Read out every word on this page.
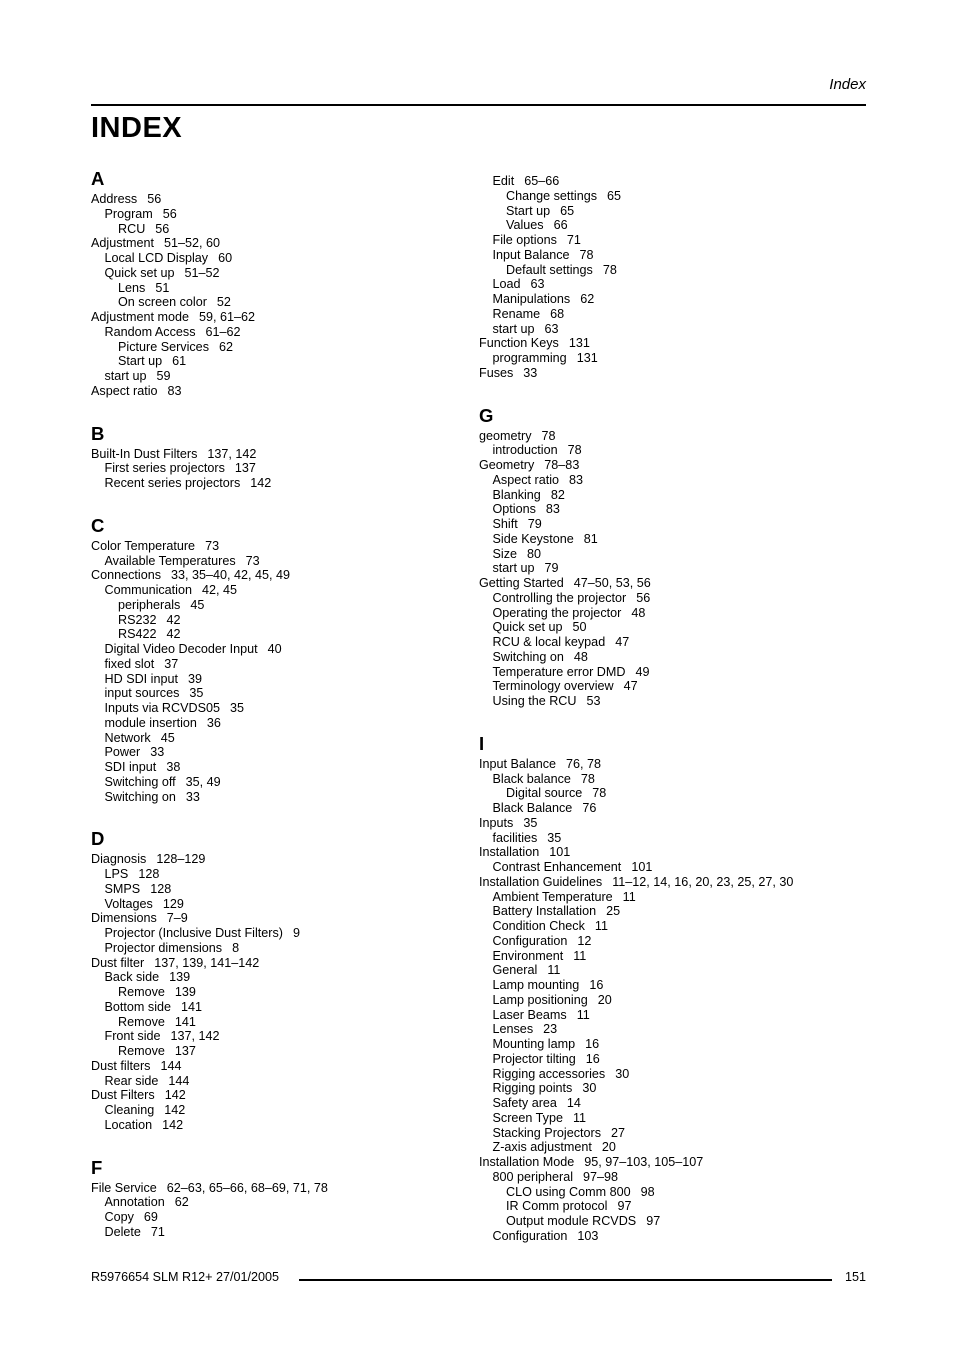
Index
INDEX
A
Address 56
Program 56
RCU 56
Adjustment 51–52, 60
Local LCD Display 60
Quick set up 51–52
Lens 51
On screen color 52
Adjustment mode 59, 61–62
Random Access 61–62
Picture Services 62
Start up 61
start up 59
Aspect ratio 83
B
Built-In Dust Filters 137, 142
First series projectors 137
Recent series projectors 142
C
Color Temperature 73
Available Temperatures 73
Connections 33, 35–40, 42, 45, 49
Communication 42, 45
peripherals 45
RS232 42
RS422 42
Digital Video Decoder Input 40
fixed slot 37
HD SDI input 39
input sources 35
Inputs via RCVDS05 35
module insertion 36
Network 45
Power 33
SDI input 38
Switching off 35, 49
Switching on 33
D
Diagnosis 128–129
LPS 128
SMPS 128
Voltages 129
Dimensions 7–9
Projector (Inclusive Dust Filters) 9
Projector dimensions 8
Dust filter 137, 139, 141–142
Back side 139
Remove 139
Bottom side 141
Remove 141
Front side 137, 142
Remove 137
Dust filters 144
Rear side 144
Dust Filters 142
Cleaning 142
Location 142
F
File Service 62–63, 65–66, 68–69, 71, 78
Annotation 62
Copy 69
Delete 71
Edit 65–66
Change settings 65
Start up 65
Values 66
File options 71
Input Balance 78
Default settings 78
Load 63
Manipulations 62
Rename 68
start up 63
Function Keys 131
programming 131
Fuses 33
G
geometry 78
introduction 78
Geometry 78–83
Aspect ratio 83
Blanking 82
Options 83
Shift 79
Side Keystone 81
Size 80
start up 79
Getting Started 47–50, 53, 56
Controlling the projector 56
Operating the projector 48
Quick set up 50
RCU & local keypad 47
Switching on 48
Temperature error DMD 49
Terminology overview 47
Using the RCU 53
I
Input Balance 76, 78
Black balance 78
Digital source 78
Black Balance 76
Inputs 35
facilities 35
Installation 101
Contrast Enhancement 101
Installation Guidelines 11–12, 14, 16, 20, 23, 25, 27, 30
Ambient Temperature 11
Battery Installation 25
Condition Check 11
Configuration 12
Environment 11
General 11
Lamp mounting 16
Lamp positioning 20
Laser Beams 11
Lenses 23
Mounting lamp 16
Projector tilting 16
Rigging accessories 30
Rigging points 30
Safety area 14
Screen Type 11
Stacking Projectors 27
Z-axis adjustment 20
Installation Mode 95, 97–103, 105–107
800 peripheral 97–98
CLO using Comm 800 98
IR Comm protocol 97
Output module RCVDS 97
Configuration 103
R5976654 SLM R12+ 27/01/2005	151
